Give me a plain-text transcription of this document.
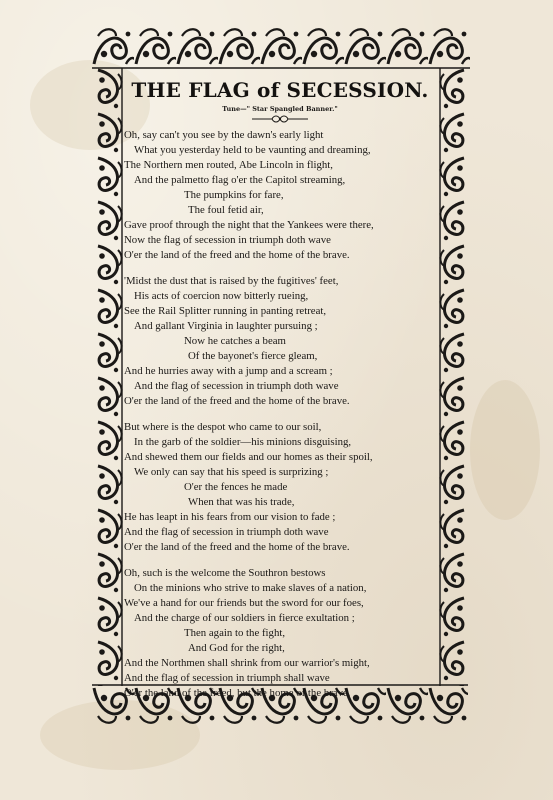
THE FLAG of SECESSION.
Tune—" Star Spangled Banner."
Oh, say can't you see by the dawn's early light
What you yesterday held to be vaunting and dreaming,
The Northern men routed, Abe Lincoln in flight,
And the palmetto flag o'er the Capitol streaming,
The pumpkins for fare,
The foul fetid air,
Gave proof through the night that the Yankees were there,
Now the flag of secession in triumph doth wave
O'er the land of the freed and the home of the brave.
'Midst the dust that is raised by the fugitives' feet,
His acts of coercion now bitterly rueing,
See the Rail Splitter running in panting retreat,
And gallant Virginia in laughter pursuing ;
Now he catches a beam
Of the bayonet's fierce gleam,
And he hurries away with a jump and a scream ;
And the flag of secession in triumph doth wave
O'er the land of the freed and the home of the brave.
But where is the despot who came to our soil,
In the garb of the soldier—his minions disguising,
And shewed them our fields and our homes as their spoil,
We only can say that his speed is surprizing ;
O'er the fences he made
When that was his trade,
He has leapt in his fears from our vision to fade ;
And the flag of secession in triumph doth wave
O'er the land of the freed and the home of the brave.
Oh, such is the welcome the Southron bestows
On the minions who strive to make slaves of a nation,
We've a hand for our friends but the sword for our foes,
And the charge of our soldiers in fierce exultation ;
Then again to the fight,
And God for the right,
And the Northmen shall shrink from our warrior's might,
And the flag of secession in triumph shall wave
O'er the land of the freed, but the home of the brave.
